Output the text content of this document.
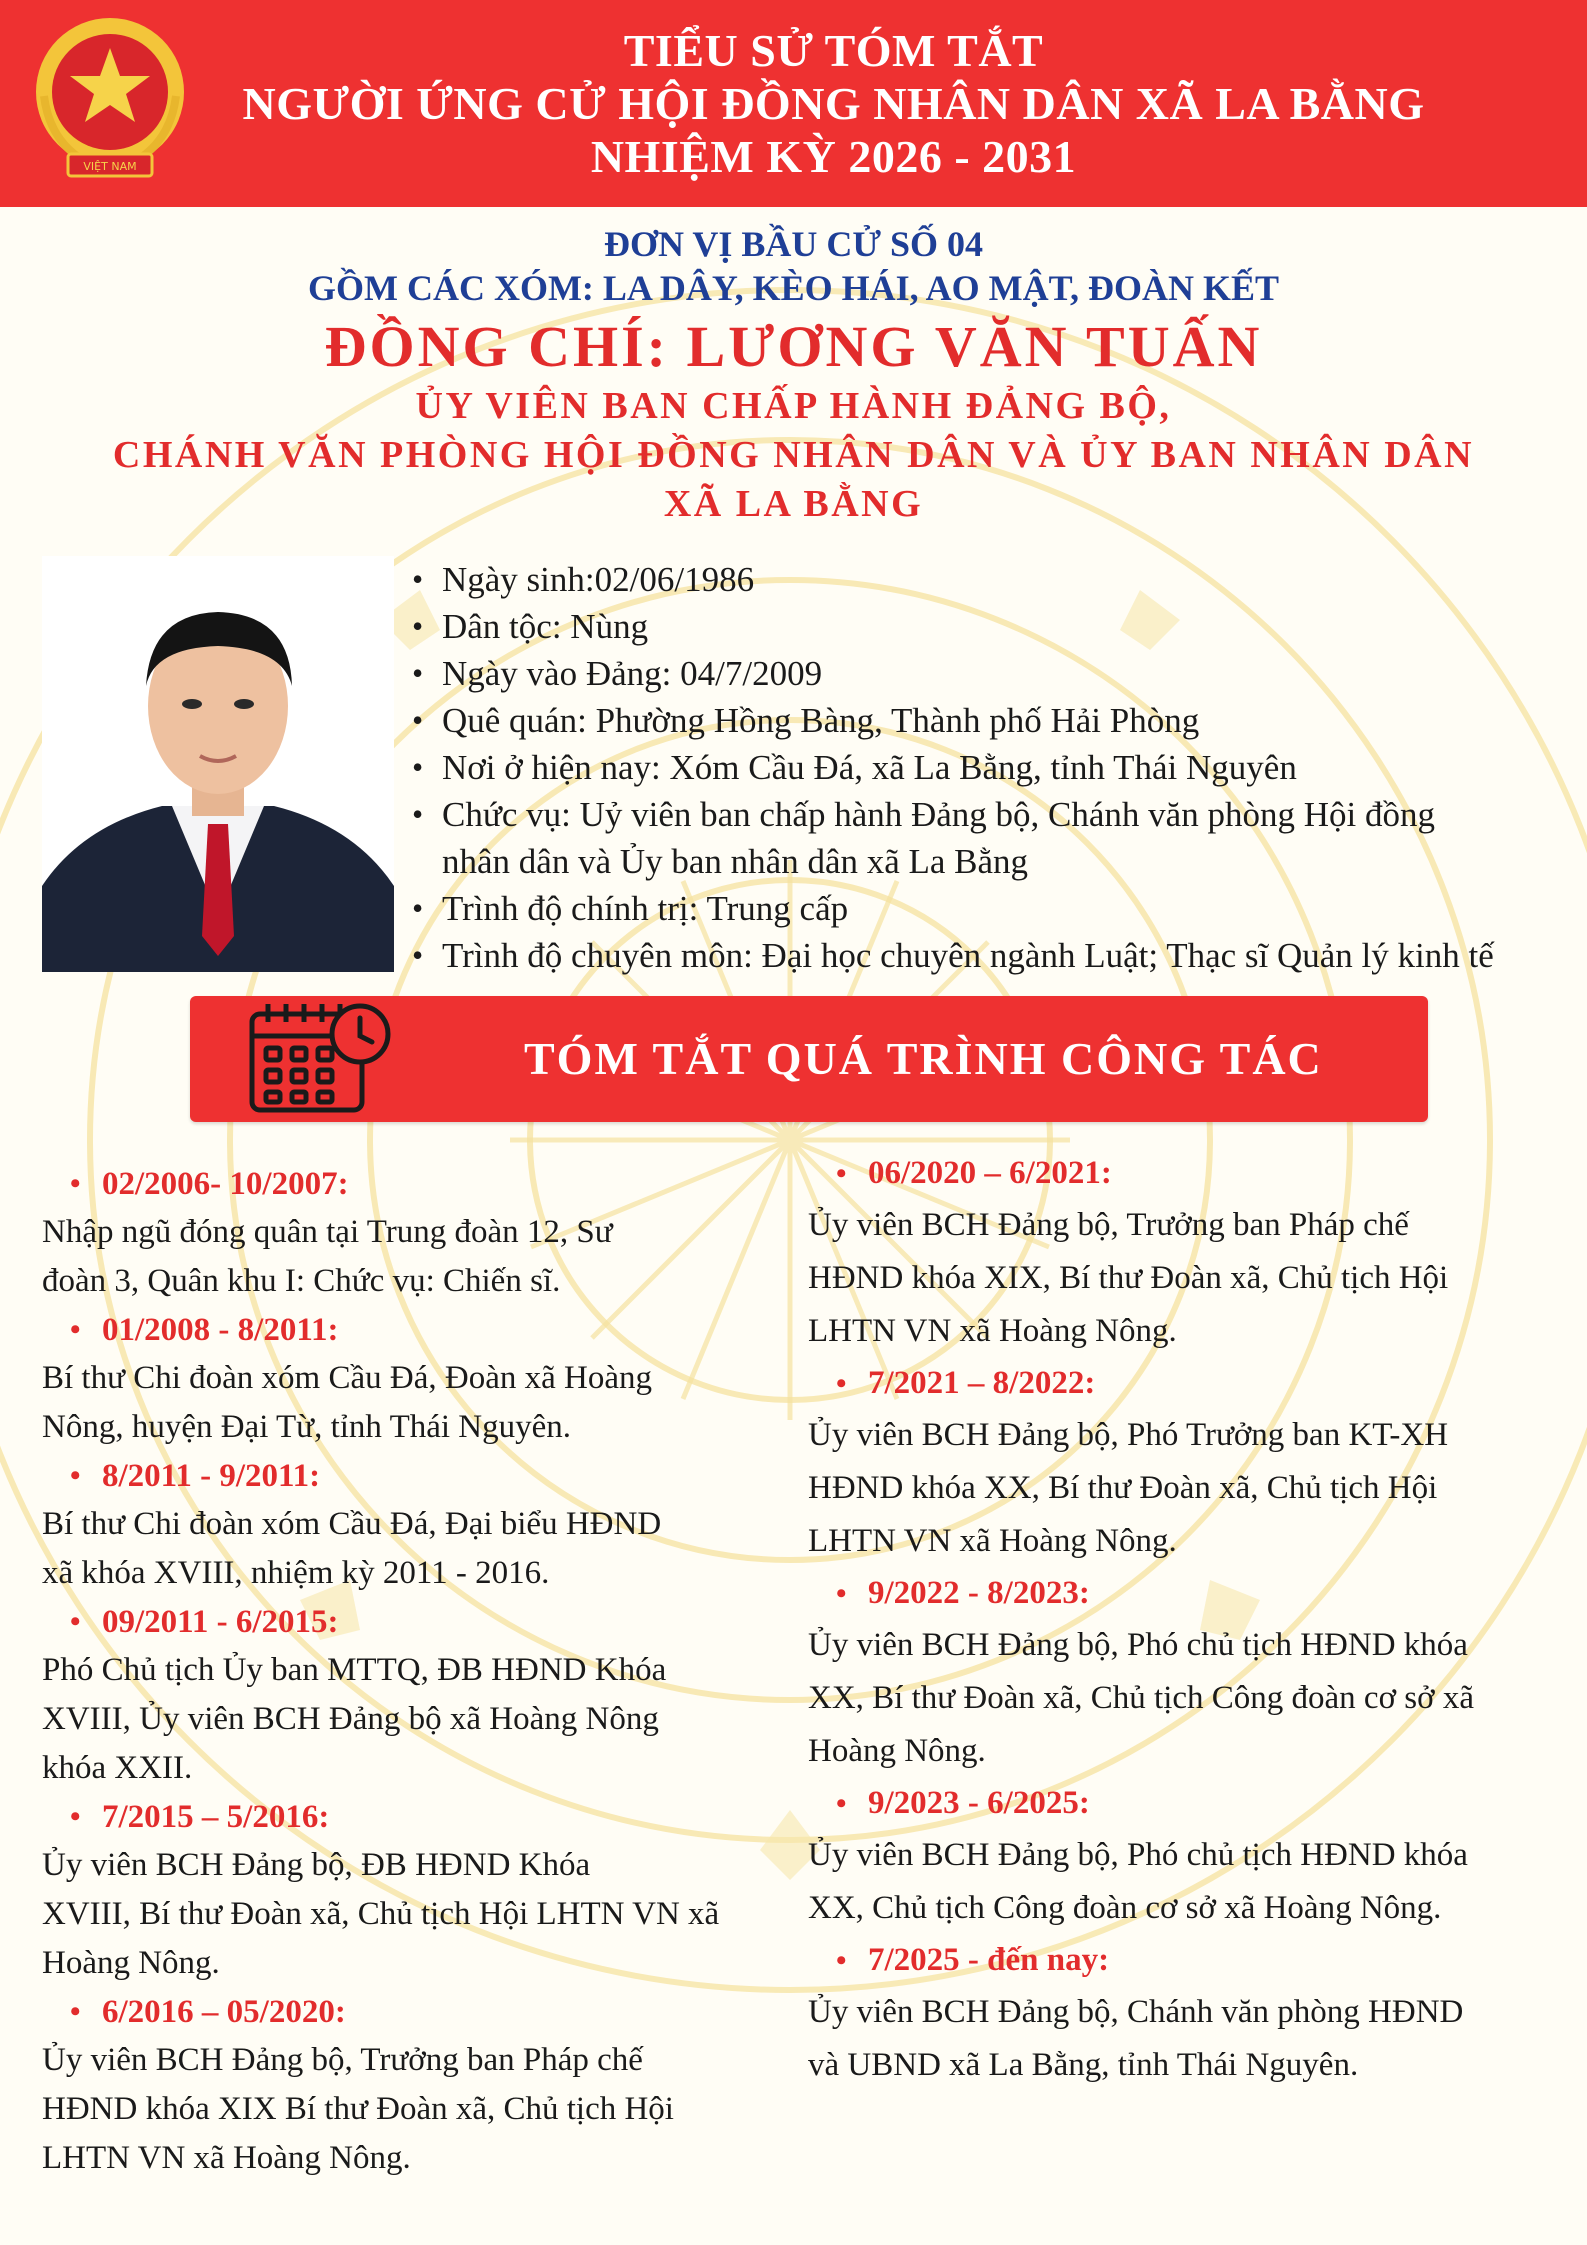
VIỆT NAM
TIỂU SỬ TÓM TẮT
NGƯỜI ỨNG CỬ HỘI ĐỒNG NHÂN DÂN XÃ LA BẰNG
NHIỆM KỲ 2026 - 2031
ĐƠN VỊ BẦU CỬ SỐ 04
GỒM CÁC XÓM: LA DÂY, KÈO HÁI, AO MẬT, ĐOÀN KẾT
ĐỒNG CHÍ: LƯƠNG VĂN TUẤN
ỦY VIÊN BAN CHẤP HÀNH ĐẢNG BỘ,
CHÁNH VĂN PHÒNG HỘI ĐỒNG NHÂN DÂN VÀ ỦY BAN NHÂN DÂN
XÃ LA BẰNG
• Ngày sinh:02/06/1986
• Dân tộc: Nùng
• Ngày vào Đảng: 04/7/2009
• Quê quán: Phường Hồng Bàng, Thành phố Hải Phòng
• Nơi ở hiện nay: Xóm Cầu Đá, xã La Bằng, tỉnh Thái Nguyên
• Chức vụ: Uỷ viên ban chấp hành Đảng bộ, Chánh văn phòng Hội đồng
nhân dân và Ủy ban nhân dân xã La Bằng
• Trình độ chính trị: Trung cấp
• Trình độ chuyên môn: Đại học chuyên ngành Luật; Thạc sĩ Quản lý kinh tế
TÓM TẮT QUÁ TRÌNH CÔNG TÁC
• 02/2006- 10/2007:
Nhập ngũ đóng quân tại Trung đoàn 12, Sư
đoàn 3, Quân khu I: Chức vụ: Chiến sĩ.
• 01/2008 - 8/2011:
Bí thư Chi đoàn xóm Cầu Đá, Đoàn xã Hoàng
Nông, huyện Đại Từ, tỉnh Thái Nguyên.
• 8/2011 - 9/2011:
Bí thư Chi đoàn xóm Cầu Đá, Đại biểu HĐND
xã khóa XVIII, nhiệm kỳ 2011 - 2016.
• 09/2011 - 6/2015:
Phó Chủ tịch Ủy ban MTTQ, ĐB HĐND Khóa
XVIII, Ủy viên BCH Đảng bộ xã Hoàng Nông
khóa XXII.
• 7/2015 – 5/2016:
Ủy viên BCH Đảng bộ, ĐB HĐND Khóa
XVIII, Bí thư Đoàn xã, Chủ tịch Hội LHTN VN xã
Hoàng Nông.
• 6/2016 – 05/2020:
Ủy viên BCH Đảng bộ, Trưởng ban Pháp chế
HĐND khóa XIX Bí thư Đoàn xã, Chủ tịch Hội
LHTN VN xã Hoàng Nông.
• 06/2020 – 6/2021:
Ủy viên BCH Đảng bộ, Trưởng ban Pháp chế
HĐND khóa XIX, Bí thư Đoàn xã, Chủ tịch Hội
LHTN VN xã Hoàng Nông.
• 7/2021 – 8/2022:
Ủy viên BCH Đảng bộ, Phó Trưởng ban KT-XH
HĐND khóa XX, Bí thư Đoàn xã, Chủ tịch Hội
LHTN VN xã Hoàng Nông.
• 9/2022 - 8/2023:
Ủy viên BCH Đảng bộ, Phó chủ tịch HĐND khóa
XX, Bí thư Đoàn xã, Chủ tịch Công đoàn cơ sở xã
Hoàng Nông.
• 9/2023 - 6/2025:
Ủy viên BCH Đảng bộ, Phó chủ tịch HĐND khóa
XX, Chủ tịch Công đoàn cơ sở xã Hoàng Nông.
• 7/2025 - đến nay:
Ủy viên BCH Đảng bộ, Chánh văn phòng HĐND
và UBND xã La Bằng, tỉnh Thái Nguyên.
